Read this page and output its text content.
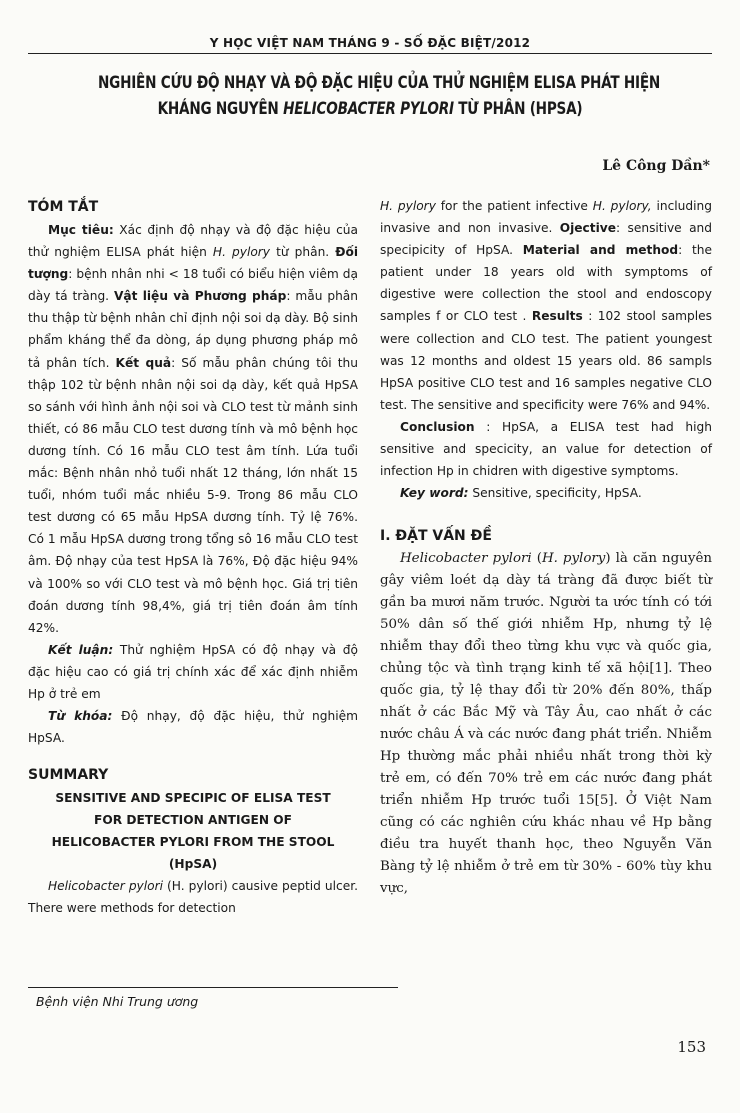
Y HỌC VIỆT NAM THÁNG 9 - SỐ ĐẶC BIỆT/2012
NGHIÊN CỨU ĐỘ NHẠY VÀ ĐỘ ĐẶC HIỆU CỦA THỬ NGHIỆM ELISA PHÁT HIỆN
KHÁNG NGUYÊN HELICOBACTER PYLORI TỪ PHÂN (HPSA)
Lê Công Dần*
TÓM TẮT

Mục tiêu: Xác định độ nhạy và độ đặc hiệu của thử nghiệm ELISA phát hiện H. pylory từ phân. Đối tượng: bệnh nhân nhi < 18 tuổi có biểu hiện viêm dạ dày tá tràng. Vật liệu và Phương pháp: mẫu phân thu thập từ bệnh nhân chỉ định nội soi dạ dày. Bộ sinh phẩm kháng thể đa dòng, áp dụng phương pháp mô tả phân tích. Kết quả: Số mẫu phân chúng tôi thu thập 102 từ bệnh nhân nội soi dạ dày, kết quả HpSA so sánh với hình ảnh nội soi và CLO test từ mảnh sinh thiết, có 86 mẫu CLO test dương tính và mô bệnh học dương tính. Có 16 mẫu CLO test âm tính. Lứa tuổi mắc: Bệnh nhân nhỏ tuổi nhất 12 tháng, lớn nhất 15 tuổi, nhóm tuổi mắc nhiều 5-9. Trong 86 mẫu CLO test dương có 65 mẫu HpSA dương tính. Tỷ lệ 76%. Có 1 mẫu HpSA dương trong tổng sô 16 mẫu CLO test âm. Độ nhạy của test HpSA là 76%, Độ đặc hiệu 94% và 100% so với CLO test và mô bệnh học. Giá trị tiên đoán dương tính 98,4%, giá trị tiên đoán âm tính 42%.

Kết luận: Thử nghiệm HpSA có độ nhạy và độ đặc hiệu cao có giá trị chính xác để xác định nhiễm Hp ở trẻ em

Từ khóa: Độ nhạy, độ đặc hiệu, thử nghiệm HpSA.

SUMMARY
SENSITIVE AND SPECIPIC OF ELISA TEST
FOR DETECTION ANTIGEN OF
HELICOBACTER PYLORI FROM THE STOOL
(HpSA)

Helicobacter pylori (H. pylori) causive peptid ulcer. There were methods for detection

H. pylory for the patient infective H. pylory, including invasive and non invasive. Ojective: sensitive and specipicity of HpSA. Material and method: the patient under 18 years old with symptoms of digestive were collection the stool and endoscopy samples f or CLO test . Results : 102 stool samples were collection and CLO test. The patient youngest was 12 months and oldest 15 years old. 86 sampls HpSA positive CLO test and 16 samples negative CLO test. The sensitive and specificity were 76% and 94%.

Conclusion : HpSA, a ELISA test had high sensitive and specicity, an value for detection of infection Hp in chidren with digestive symptoms.

Key word: Sensitive, specificity, HpSA.

I. ĐẶT VẤN ĐỀ

Helicobacter pylori (H. pylory) là căn nguyên gây viêm loét dạ dày tá tràng đã được biết từ gần ba mươi năm trước. Người ta ước tính có tới 50% dân số thế giới nhiễm Hp, nhưng tỷ lệ nhiễm thay đổi theo từng khu vực và quốc gia, chủng tộc và tình trạng kinh tế xã hội[1]. Theo quốc gia, tỷ lệ thay đổi từ 20% đến 80%, thấp nhất ở các Bắc Mỹ và Tây Âu, cao nhất ở các nước châu Á và các nước đang phát triển. Nhiễm Hp thường mắc phải nhiều nhất trong thời kỳ trẻ em, có đến 70% trẻ em các nước đang phát triển nhiễm Hp trước tuổi 15[5]. Ở Việt Nam cũng có các nghiên cứu khác nhau về Hp bằng điều tra huyết thanh học, theo Nguyễn Văn Bàng tỷ lệ nhiễm ở trẻ em từ 30% - 60% tùy khu vực,

Bệnh viện Nhi Trung ương
153
